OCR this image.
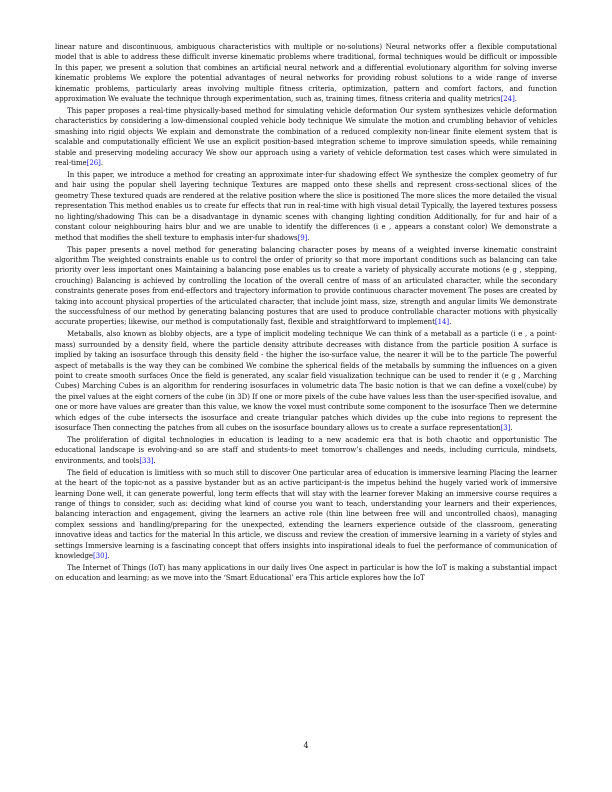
linear nature and discontinuous, ambiguous characteristics with multiple or no-solutions) Neural networks offer a flexible computational model that is able to address these difficult inverse kinematic problems where traditional, formal techniques would be difficult or impossible In this paper, we present a solution that combines an artificial neural network and a differential evolutionary algorithm for solving inverse kinematic problems We explore the potential advantages of neural networks for providing robust solutions to a wide range of inverse kinematic problems, particularly areas involving multiple fitness criteria, optimization, pattern and comfort factors, and function approximation We evaluate the technique through experimentation, such as, training times, fitness criteria and quality metrics[24].

This paper proposes a real-time physically-based method for simulating vehicle deformation Our system synthesizes vehicle deformation characteristics by considering a low-dimensional coupled vehicle body technique We simulate the motion and crumbling behavior of vehicles smashing into rigid objects We explain and demonstrate the combination of a reduced complexity non-linear finite element system that is scalable and computationally efficient We use an explicit position-based integration scheme to improve simulation speeds, while remaining stable and preserving modeling accuracy We show our approach using a variety of vehicle deformation test cases which were simulated in real-time[26].

In this paper, we introduce a method for creating an approximate inter-fur shadowing effect We synthesize the complex geometry of fur and hair using the popular shell layering technique Textures are mapped onto these shells and represent cross-sectional slices of the geometry These textured quads are rendered at the relative position where the slice is positioned The more slices the more detailed the visual representation This method enables us to create fur effects that run in real-time with high visual detail Typically, the layered textures possess no lighting/shadowing This can be a disadvantage in dynamic scenes with changing lighting condition Additionally, for fur and hair of a constant colour neighbouring hairs blur and we are unable to identify the differences (i e , appears a constant color) We demonstrate a method that modifies the shell texture to emphasis inter-fur shadows[9].

This paper presents a novel method for generating balancing character poses by means of a weighted inverse kinematic constraint algorithm The weighted constraints enable us to control the order of priority so that more important conditions such as balancing can take priority over less important ones Maintaining a balancing pose enables us to create a variety of physically accurate motions (e g , stepping, crouching) Balancing is achieved by controlling the location of the overall centre of mass of an articulated character, while the secondary constraints generate poses from end-effectors and trajectory information to provide continuous character movement The poses are created by taking into account physical properties of the articulated character, that include joint mass, size, strength and angular limits We demonstrate the successfulness of our method by generating balancing postures that are used to produce controllable character motions with physically accurate properties; likewise, our method is computationally fast, flexible and straightforward to implement[14].

Metaballs, also known as blobby objects, are a type of implicit modeling technique We can think of a metaball as a particle (i e , a point-mass) surrounded by a density field, where the particle density attribute decreases with distance from the particle position A surface is implied by taking an isosurface through this density field - the higher the iso-surface value, the nearer it will be to the particle The powerful aspect of metaballs is the way they can be combined We combine the spherical fields of the metaballs by summing the influences on a given point to create smooth surfaces Once the field is generated, any scalar field visualization technique can be used to render it (e g , Marching Cubes) Marching Cubes is an algorithm for rendering isosurfaces in volumetric data The basic notion is that we can define a voxel(cube) by the pixel values at the eight corners of the cube (in 3D) If one or more pixels of the cube have values less than the user-specified isovalue, and one or more have values are greater than this value, we know the voxel must contribute some component to the isosurface Then we determine which edges of the cube intersects the isosurface and create triangular patches which divides up the cube into regions to represent the isosurface Then connecting the patches from all cubes on the isosurface boundary allows us to create a surface representation[3].

The proliferation of digital technologies in education is leading to a new academic era that is both chaotic and opportunistic The educational landscape is evolving-and so are staff and students-to meet tomorrow’s challenges and needs, including curricula, mindsets, environments, and tools[33].

The field of education is limitless with so much still to discover One particular area of education is immersive learning Placing the learner at the heart of the topic-not as a passive bystander but as an active participant-is the impetus behind the hugely varied work of immersive learning Done well, it can generate powerful, long term effects that will stay with the learner forever Making an immersive course requires a range of things to consider, such as: deciding what kind of course you want to teach, understanding your learners and their experiences, balancing interaction and engagement, giving the learners an active role (thin line between free will and uncontrolled chaos), managing complex sessions and handling/preparing for the unexpected, extending the learners experience outside of the classroom, generating innovative ideas and tactics for the material In this article, we discuss and review the creation of immersive learning in a variety of styles and settings Immersive learning is a fascinating concept that offers insights into inspirational ideals to fuel the performance of communication of knowledge[30].

The Internet of Things (IoT) has many applications in our daily lives One aspect in particular is how the IoT is making a substantial impact on education and learning; as we move into the ‘Smart Educational’ era This article explores how the IoT

4
